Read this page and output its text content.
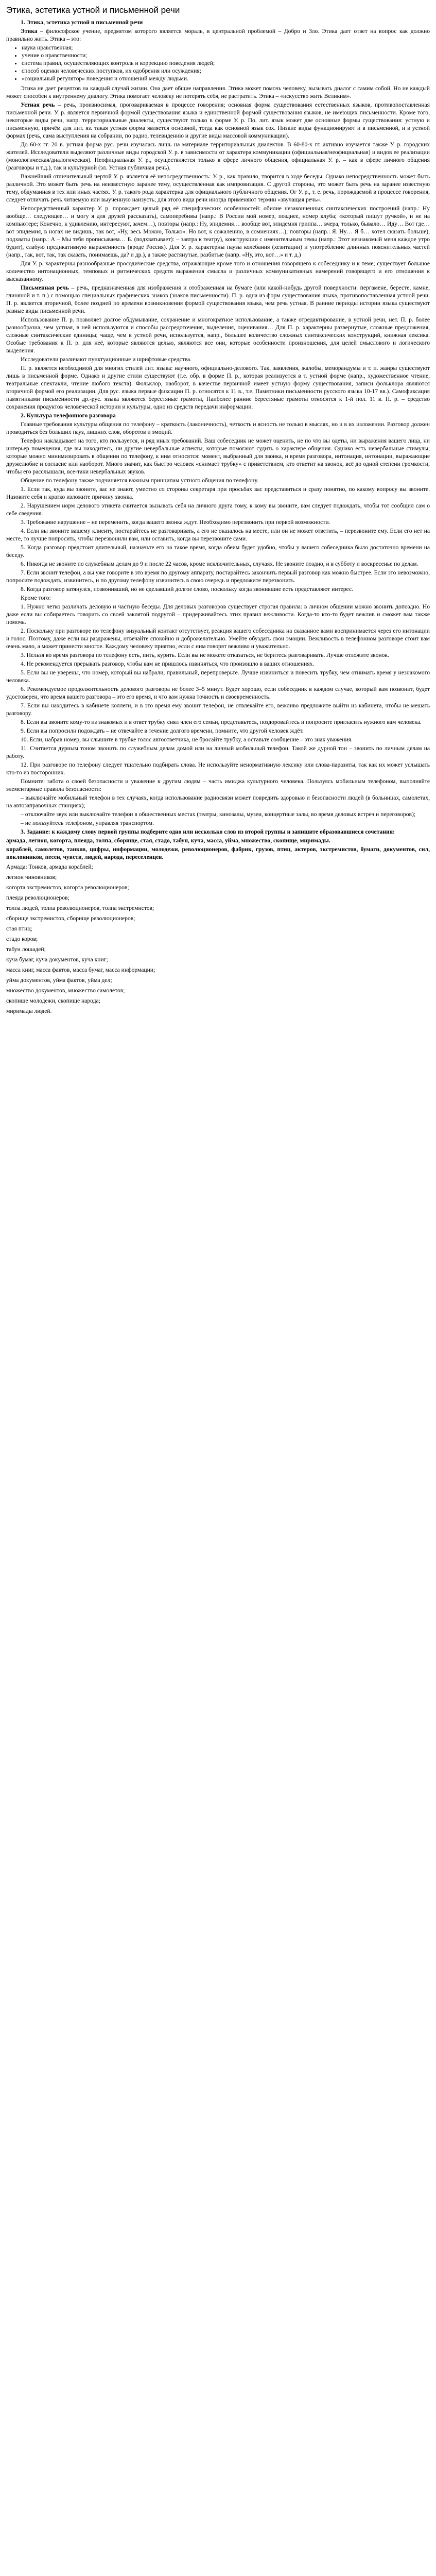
Этика, эстетика устной и письменной речи

1. Этика, эстетика устной и письменной речи

Этика – философское учение, предметом которого является мораль, в центральной проблемой – Добро и Зло. Этика дает ответ на вопрос как должно правильно жить. Этика – это:

• наука нравственная;
• учение о нравственности;
• система правил, осуществляющих контроль и коррекцию поведения людей;
• способ оценки человеческих поступков, их одобрения или осуждения;
• «социальный регулятор» поведения и отношений между людьми.

Этика не дает рецептов на каждый случай жизни. Она дает общие направления. Этика может помочь человеку, вызывать диалог с самим собой. Но не каждый может способен к внутреннему диалогу. Этика помогает человеку не потерять себя, не растратить. Этика – «искусство жить Великим».

Устная речь – речь, произносимая, проговариваемая в процессе говорения; основная форма существования естественных языков, противопоставленная письменной речи. У. р. является первичной формой существования языка и единственной формой существования языков, не имеющих письменности. Кроме того, некоторые виды речи, напр. территориальные диалекты, существуют только в форме У. р. По. лит. язык может две основные формы существования: устную и письменную, причём для лит. яз. такая устная форма является основной, тогда как основной язык сох. Низкие виды функционируют и в письменной, и в устной формах (речь, сама выступления на собрании, по радио, телевидению и другие виды массовой коммуникации).

До 60-х гг. 20 в. устная форма рус. речи изучалась лишь на материале территориальных диалектов. В 60-80-х гг. активно изучается также У. р. городских жителей. Исследователи выделяют различные виды городской У. р. в зависимости от характера коммуникации (официальная/неофициальная) и видов ее реализации (монологическая/диалогическая). Неофициальная У. р., осуществляется только в сфере личного общения, официальная У. р. – как в сфере личного общения (разговоры и т.д.), так и культурной (эл. Устная публичная речь).

Важнейший отличительный чертой У. р. является её непосредственность: У. р., как правило, творится в ходе беседы. Однако непосредственность может быть различной. Это может быть речь на неизвестную заранее тему, осуществленная как импровизация. С другой стороны, это может быть речь на заранее известную тему, обдуманная в тех или иных частях. У. р. такого рода характерна для официального публичного общения. Ог У. р., т. е. речь, порождаемой в процессе говорения, следует отличать речь читаемую или выученную наизусть; для этого вида речи иногда применяют термин «звучащая речь».

Непосредственный характер У. р. порождает целый ряд её специфических особенностей: обилие незаконченных синтаксических построений (напр.: Ну вообще… следующее… и могу я для друзей рассказать), самоперебивы (напр.: В России мой номер, позднее, номер клуба; «который пишут ручкой», и не на компьютере; Конечно, к удивлению, интересуют, зачем…), повторы (напр.: Ну, эпидемия… вообще вот, эпидемия гриппа… вчера, только, бывало… Иду… Вот где… вот эпидемия, в ногах не видишь, так вот, «Ну, весь Можно, Только». Но вот, к сожалению, в сомнениях…), повторы (напр.: Я. Ну… Я б… хотел сказать больше), подхваты (напр.: А – Мы тебя прописываем… Б. (подхватывает): – завтра к театру), конструкции с именительным темы (напр.: Этот незнакомый меня каждое утро будит), слабую предикативную выраженность (вроде Россия). Для У. р. характерны паузы колебания (хезитации) и употребление длинных пояснительных частей (напр., так, вот, так, так сказать, понимаешь, да? и др.), а также растянутые, разбитые (напр. «Ну, это, вот…» и т. д.)

Для У. р. характерны разнообразные просодические средства, отражающие кроме того и отношения говорящего к собеседнику и к теме; существует большое количество интонационных, темповых и ритмических средств выражения смысла и различных коммуникативных намерений говорящего и его отношения к высказанному.

Письменная речь – речь, предназначенная для изображения и отображенная на бумаге (или какой-нибудь другой поверхности: пергамене, бересте, камне, глиняной и т. п.) с помощью специальных графических знаков (знаков письменности). П. р. одна из форм существования языка, противопоставленная устной речи. П. р. является вторичной, более поздней по времени возникновения формой существования языка, чем речь устная. В ранние периоды истории языка существуют разные виды письменной речи.

Использование П. р. позволяет долгое обдумывание, сохранение и многократное использование, а также отредактирование, в устной речи, нет. П. р. более разнообразна, чем устная, в ней используются и способы рассредоточения, выделения, оценивания… Для П. р. характерны развернутые, сложные предложения, сложные синтаксические единицы; чаще, чем в устной речи, используется, напр., большее количество сложных синтаксических конструкций, книжная лексика. Особые требования к П. р. для неё, которые являются целью, являются все они, которые особенности произношения, для целей смыслового и логического выделения.

Исследователи различают пунктуационные и шрифтовые средства.

П. р. является необходимой для многих стилей лит. языка: научного, официально-делового. Так, заявления, жалобы, меморандумы и т. п. жанры существуют лишь в письменной форме. Однако и другие стили существуют (т.е. обр. в форме П. р., которая реализуется в т. устной форме (напр., художественное чтение, театральные спектакли, чтение любого текста). Фольклор, наоборот, в качестве первичной имеет устную форму существования, записи фольклора являются вторичной формой его реализации. Для рус. языка первые фиксации П. р. относятся к 11 в., т.е. Памятники письменности русского языка 10-17 вв.). Самофиксация памятниками письменности др.-рус. языка являются берестяные грамоты, Наиболее ранние берестяные грамоты относятся к 1-й пол. 11 в. П. р. – средство сохранения продуктов человеческой истории и культуры, одно из средств передачи информации.

2. Культура телефонного разговора

Главные требования культуры общения по телефону – краткость (лаконичность), четкость и ясность не только в мыслях, но и в их изложении. Разговор должен проводиться без больших пауз, лишних слов, оборотов и эмоций.

Телефон накладывает на того, кто пользуется, и ряд иных требований. Ваш собеседник не может оценить, не по что вы одеты, ни выражения вашего лица, ни интерьер помещения, где вы находитесь, ни другие невербальные аспекты, которые помогают судить о характере общения. Однако есть невербальные стимулы, которые можно минимизировать в общении по телефону, к ним относятся: момент, выбранный для звонка, и время разговора, интонация, интонации, выражающие дружелюбие и согласие или наоборот. Много значит, как быстро человек «снимает трубку» с приветствием, кто ответит на звонок, всё до одной степени громкости, чтобы его расслышали, все-таки невербальных звуков.

Общение по телефону также подчиняется важным принципам устного общения по телефону.

1. Если так, куда вы звоните, вас не знают, уместно со стороны секретаря при просьбах вас представиться и сразу понятно, по какому вопросу вы звоните. Назовите себя и кратко изложите причину звонка.

2. Нарушением норм делового этикета считается вызывать себя на личного друга тому, к кому вы звоните, вам следует подождать, чтобы тот сообщил сам о себе сведения.

3. Требование нарушение – не переменить, когда вашего звонка ждут. Необходимо перезвонить при первой возможности.

4. Если вы звоните вашему клиенту, постарайтесь не разговаривать, а его не оказалось на месте, или он не может ответить, – перезвоните ему. Если его нет на месте, то лучше попросить, чтобы перезвонили вам, или оставить, когда вы перезвоните сами.

5. Когда разговор предстоит длительный, назначьте его на такое время, когда обеим будет удобно, чтобы у вашего собеседника было достаточно времени на беседу.

6. Никогда не звоните по служебным делам до 9 и после 22 часов, кроме исключительных, случаях. Не звоните поздно, и в субботу и воскресенье по делам.

7. Если звонит телефон, а вы уже говорите в это время по другому аппарату, постарайтесь закончить первый разговор как можно быстрее. Если это невозможно, попросите подождать, извинитесь, и по другому телефону извинитесь в свою очередь и предложите перезвонить.

8. Когда разговор затянулся, позвонивший, но не сделавший долгое слово, поскольку когда звонившие есть представляют интерес.

Кроме того:

1. Нужно четко различать деловую и частную беседы. Для деловых разговоров существует строгая правила: в личном общении можно звонить допоздно. Но даже если вы собираетесь говорить со своей заклятой подругой – придерживайтесь этих правил вежливости. Когда-то кто-то будет вежлив и сможет вам также помочь.

2. Поскольку при разговоре по телефону визуальный контакт отсутствует, реакция вашего собеседника на сказанное вами воспринимается через его интонации и голос. Поэтому, даже если вы раздражены, отвечайте спокойно и доброжелательно. Умейте обуздать свои эмоции. Вежливость в телефонном разговоре стоит вам очень мало, а может принести многое. Каждому человеку приятно, если с ним говорят вежливо и уважительно.

3. Нельзя во время разговора по телефону есть, пить, курить. Если вы не можете отказаться, не беритесь разговаривать. Лучше отложите звонок.

4. Не рекомендуется прерывать разговор, чтобы вам не пришлось извиняться, что произошло в ваших отношениях.

5. Если вы не уверены, что номер, который вы набрали, правильный, перепроверьте. Лучше извиниться и повесить трубку, чем отнимать время у незнакомого человека.

6. Рекомендуемое продолжительность делового разговора не более 3–5 минут. Будет хорошо, если собеседник в каждом случае, который вам позвонит, будет удостоверен, что время вашего разговора – это его время, и что вам нужна точность и своевременность.

7. Если вы находитесь в кабинете коллеги, и в это время ему звонит телефон, не отвлекайте его, вежливо предложите выйти из кабинета, чтобы не мешать разговору.

8. Если вы звоните кому-то из знакомых и в ответ трубку снял член его семьи, представьтесь, поздоровайтесь и попросите пригласить нужного вам человека.

9. Если вы попросили подождать – не отвечайте в течение долгого времени, помните, что другой человек ждёт.

10. Если, набрав номер, вы слышите в трубке голос автоответчика, не бросайте трубку, а оставьте сообщение – это знак уважения.

11. Считается дурным тоном звонить по служебным делам домой или на личный мобильный телефон. Такой же дурной тон – звонить по личным делам на работу.

12. При разговоре по телефону следует тщательно подбирать слова. Не используйте ненормативную лексику или слова-паразиты, так как их может услышать кто-то из посторонних.

Помните: забота о своей безопасности и уважение к другим людям – часть имиджа культурного человека. Пользуясь мобильным телефоном, выполняйте элементарные правила безопасности:

– выключайте мобильный телефон в тех случаях, когда использование радиосвязи может повредить здоровью и безопасности людей (в больницах, самолетах, на автозаправочных станциях);

– отключайте звук или выключайте телефон в общественных местах (театры, кинозалы, музеи, концертные залы, во время деловых встреч и переговоров);

– не пользуйтесь телефоном, управляя транспортом.

3. Задание: к каждому слову первой группы подберите одно или несколько слов из второй группы и запишите образовавшиеся сочетания:

армада, легион, когорта, плеяда, толпа, сборище, стая, стадо, табун, куча, масса, уйма, множество, скопище, миримады.

кораблей, самолетов, танков, цифры, информации, молодежи, революционеров, фабрик, грузов, птиц, актеров, экстремистов, бумаги, документов, сил, поклонников, песен, чувств, людей, народа, переселенцев.

Армада: Тонков, армада кораблей;

легион чиновников;

когорта экстремистов, когорта революционеров;

плеяда революционеров;

толпа людей, толпа революционеров, толпа экстремистов;

сборище экстремистов, сборище революционеров;

стая птиц;

стадо коров;

табун лошадей;

куча бумаг, куча документов, куча книг;

масса книг, масса фактов, масса бумаг, масса информации;

уйма документов, уйма фактов, уйма дел;

множество документов, множество самолетов;

скопище молодежи, скопище народа;

миримады людей.
